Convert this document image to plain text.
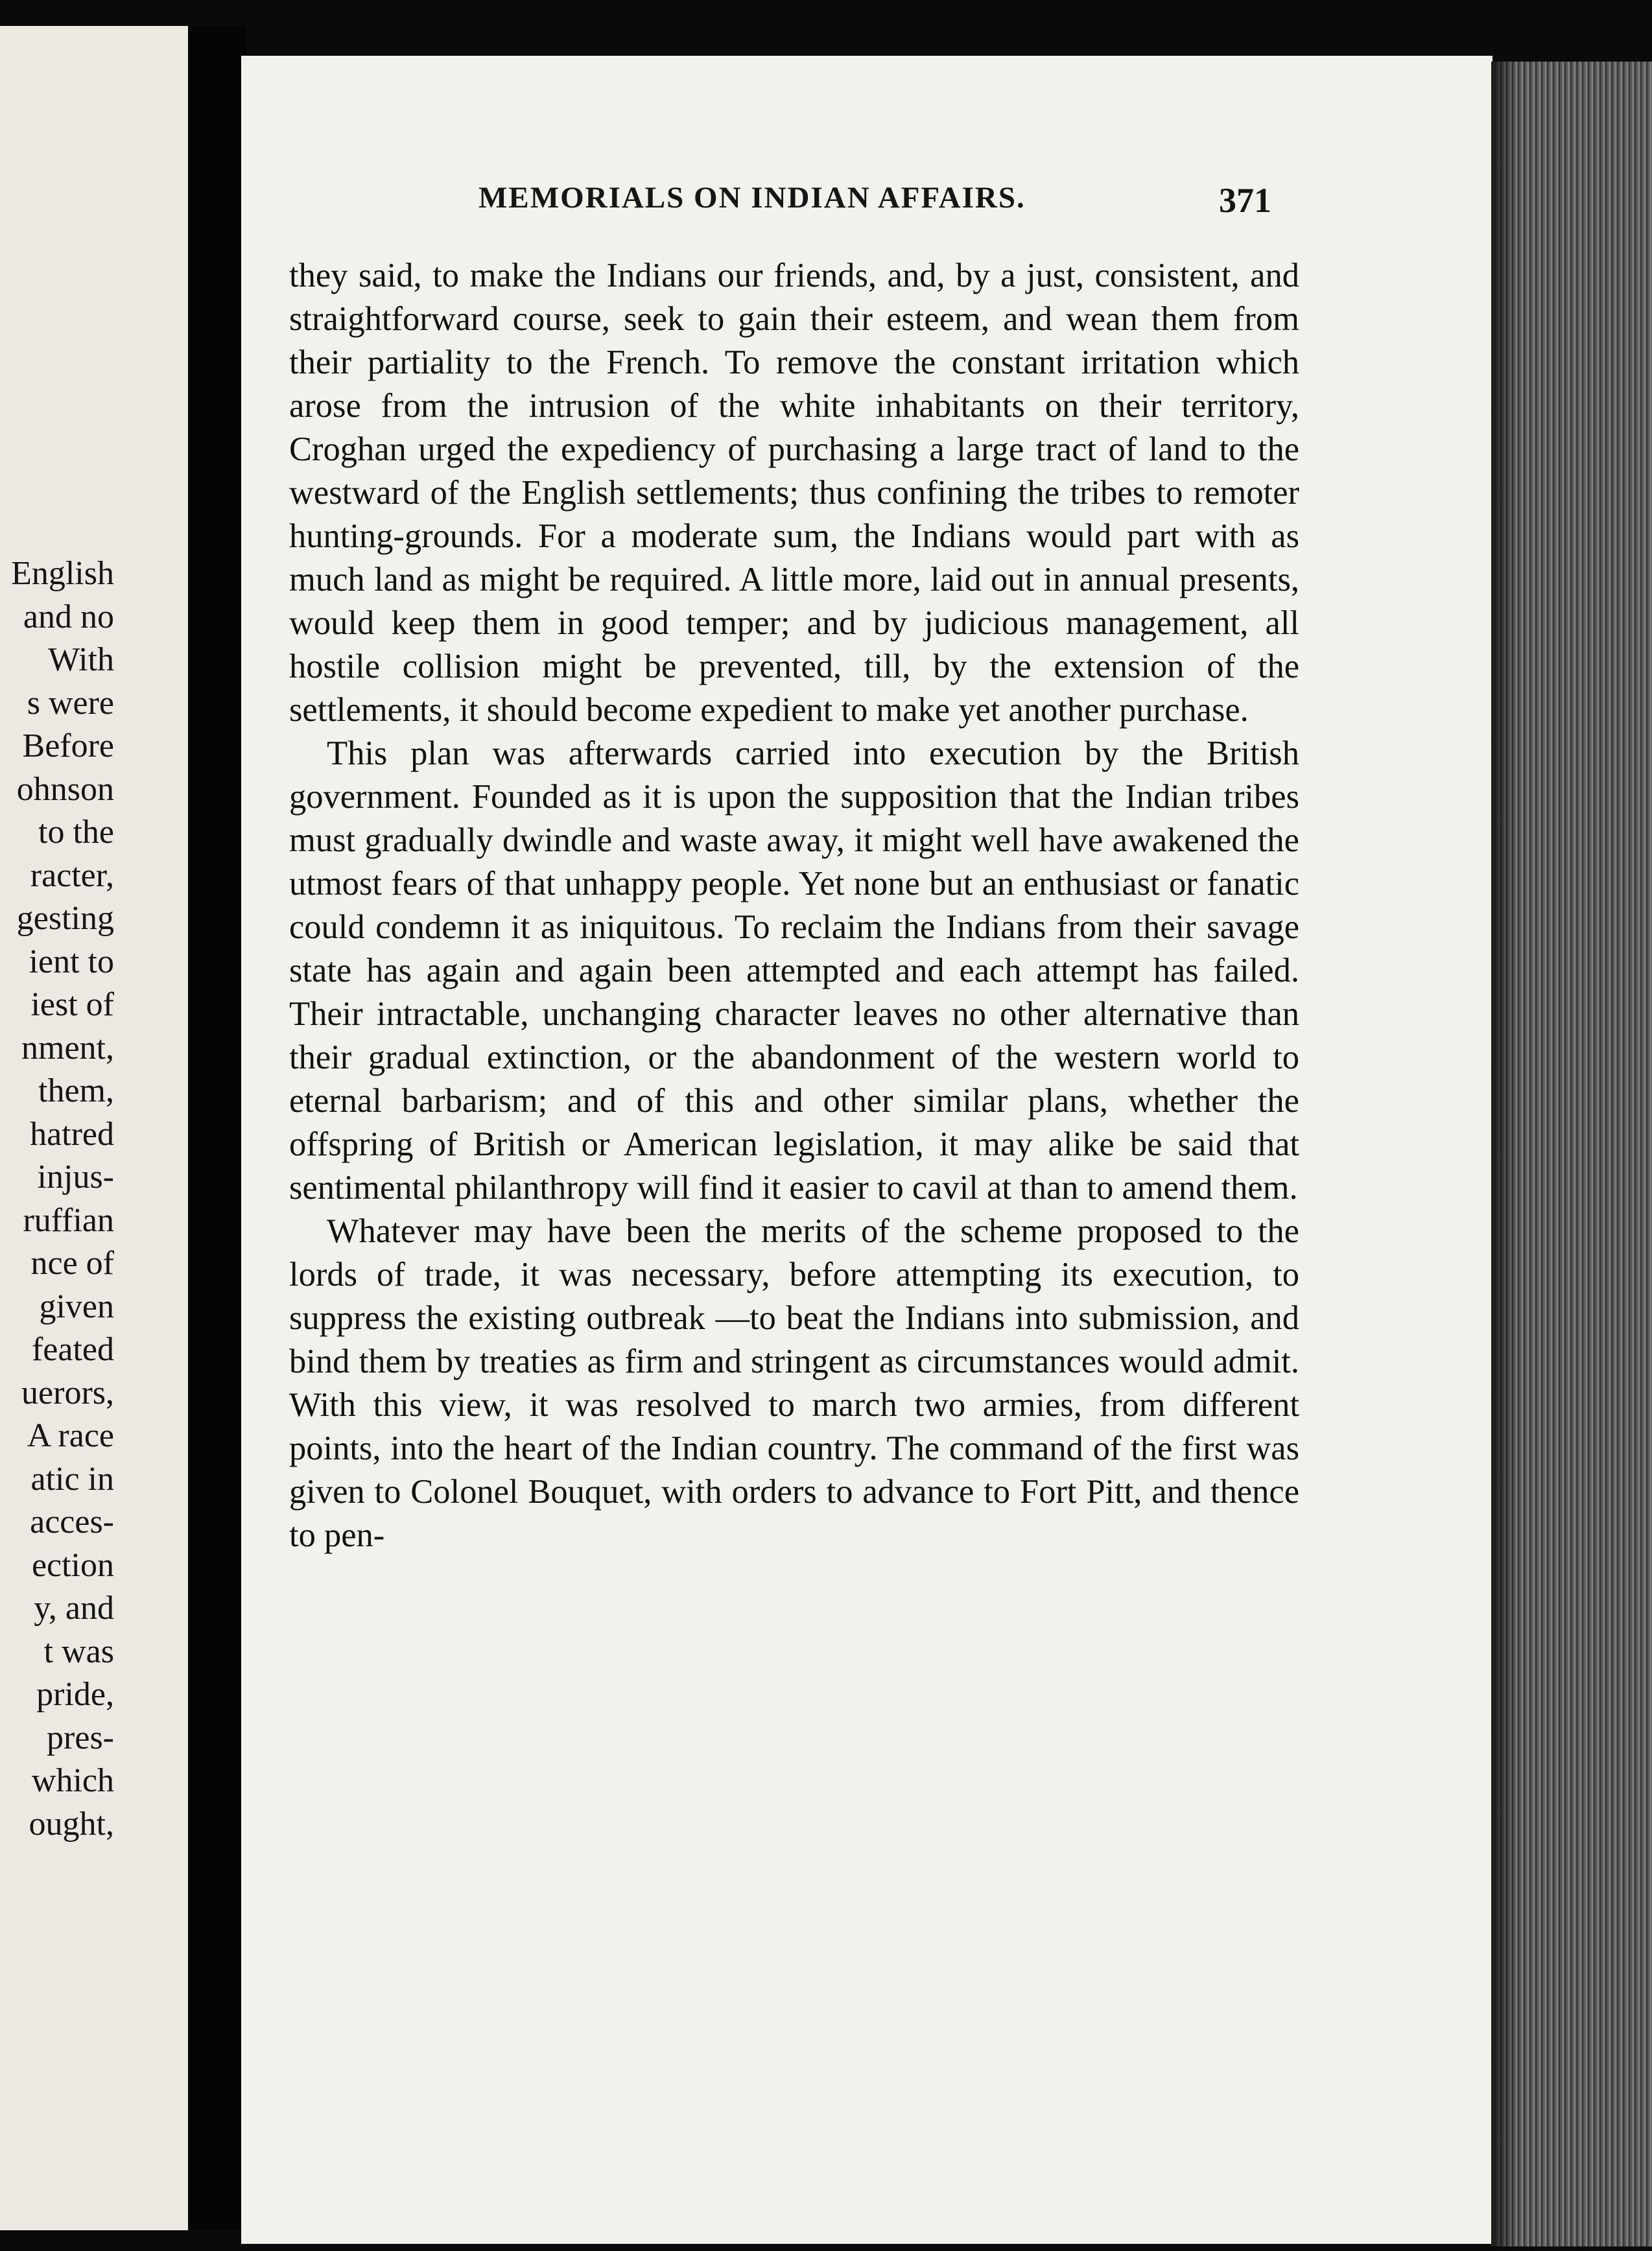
English
and no
With
s were
Before
ohnson
to the
racter,
gesting
ient to
iest of
nment,
them,
hatred
injus-
ruffian
nce of
given
feated
uerors,
A race
atic in
acces-
ection
y, and
t was
pride,
pres-
which
ought,
MEMORIALS ON INDIAN AFFAIRS.	371

they said, to make the Indians our friends, and, by a just, consistent, and straightforward course, seek to gain their esteem, and wean them from their partiality to the French. To remove the constant irritation which arose from the intrusion of the white inhabitants on their territory, Croghan urged the expediency of purchasing a large tract of land to the westward of the English settlements; thus confining the tribes to remoter hunting-grounds. For a moderate sum, the Indians would part with as much land as might be required. A little more, laid out in annual presents, would keep them in good temper; and by judicious management, all hostile collision might be prevented, till, by the extension of the settlements, it should become expedient to make yet another purchase.

This plan was afterwards carried into execution by the British government. Founded as it is upon the supposition that the Indian tribes must gradually dwindle and waste away, it might well have awakened the utmost fears of that unhappy people. Yet none but an enthusiast or fanatic could condemn it as iniquitous. To reclaim the Indians from their savage state has again and again been attempted and each attempt has failed. Their intractable, unchanging character leaves no other alternative than their gradual extinction, or the abandonment of the western world to eternal barbarism; and of this and other similar plans, whether the offspring of British or American legislation, it may alike be said that sentimental philanthropy will find it easier to cavil at than to amend them.

Whatever may have been the merits of the scheme proposed to the lords of trade, it was necessary, before attempting its execution, to suppress the existing outbreak —to beat the Indians into submission, and bind them by treaties as firm and stringent as circumstances would admit. With this view, it was resolved to march two armies, from different points, into the heart of the Indian country. The command of the first was given to Colonel Bouquet, with orders to advance to Fort Pitt, and thence to pen-
